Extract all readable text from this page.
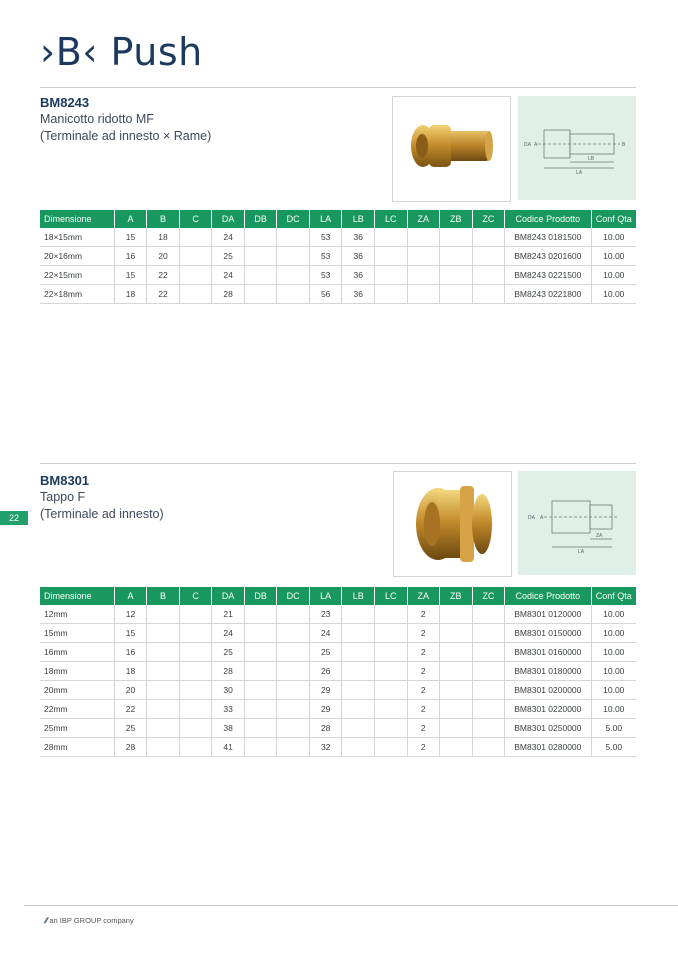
›B‹ Push
BM8243
Manicotto ridotto MF
(Terminale ad innesto × Rame)
DA A	B
LB
LA
Dimensione	A	B	C	DA	DB	DC	LA	LB	LC	ZA	ZB	ZC	Codice Prodotto	Conf Qta
18×15mm	15	18		24			53	36					BM8243 0181500	10.00
20×16mm	16	20		25			53	36					BM8243 0201600	10.00
22×15mm	15	22		24			53	36					BM8243 0221500	10.00
22×18mm	18	22		28			56	36					BM8243 0221800	10.00
22
BM8301
Tappo F
(Terminale ad innesto)	DA A
ZA
LA
Dimensione	A	B	C	DA	DB	DC	LA	LB	LC	ZA	ZB	ZC	Codice Prodotto	Conf Qta
12mm	12			21			23			2			BM8301 0120000	10.00
15mm	15			24			24			2			BM8301 0150000	10.00
16mm	16			25			25			2			BM8301 0160000	10.00
18mm	18			28			26			2			BM8301 0180000	10.00
20mm	20			30			29			2			BM8301 0200000	10.00
22mm	22			33			29			2			BM8301 0220000	10.00
25mm	25			38			28			2			BM8301 0250000	5.00
28mm	28			41			32			2			BM8301 0280000	5.00
⫽ an IBP GROUP company
